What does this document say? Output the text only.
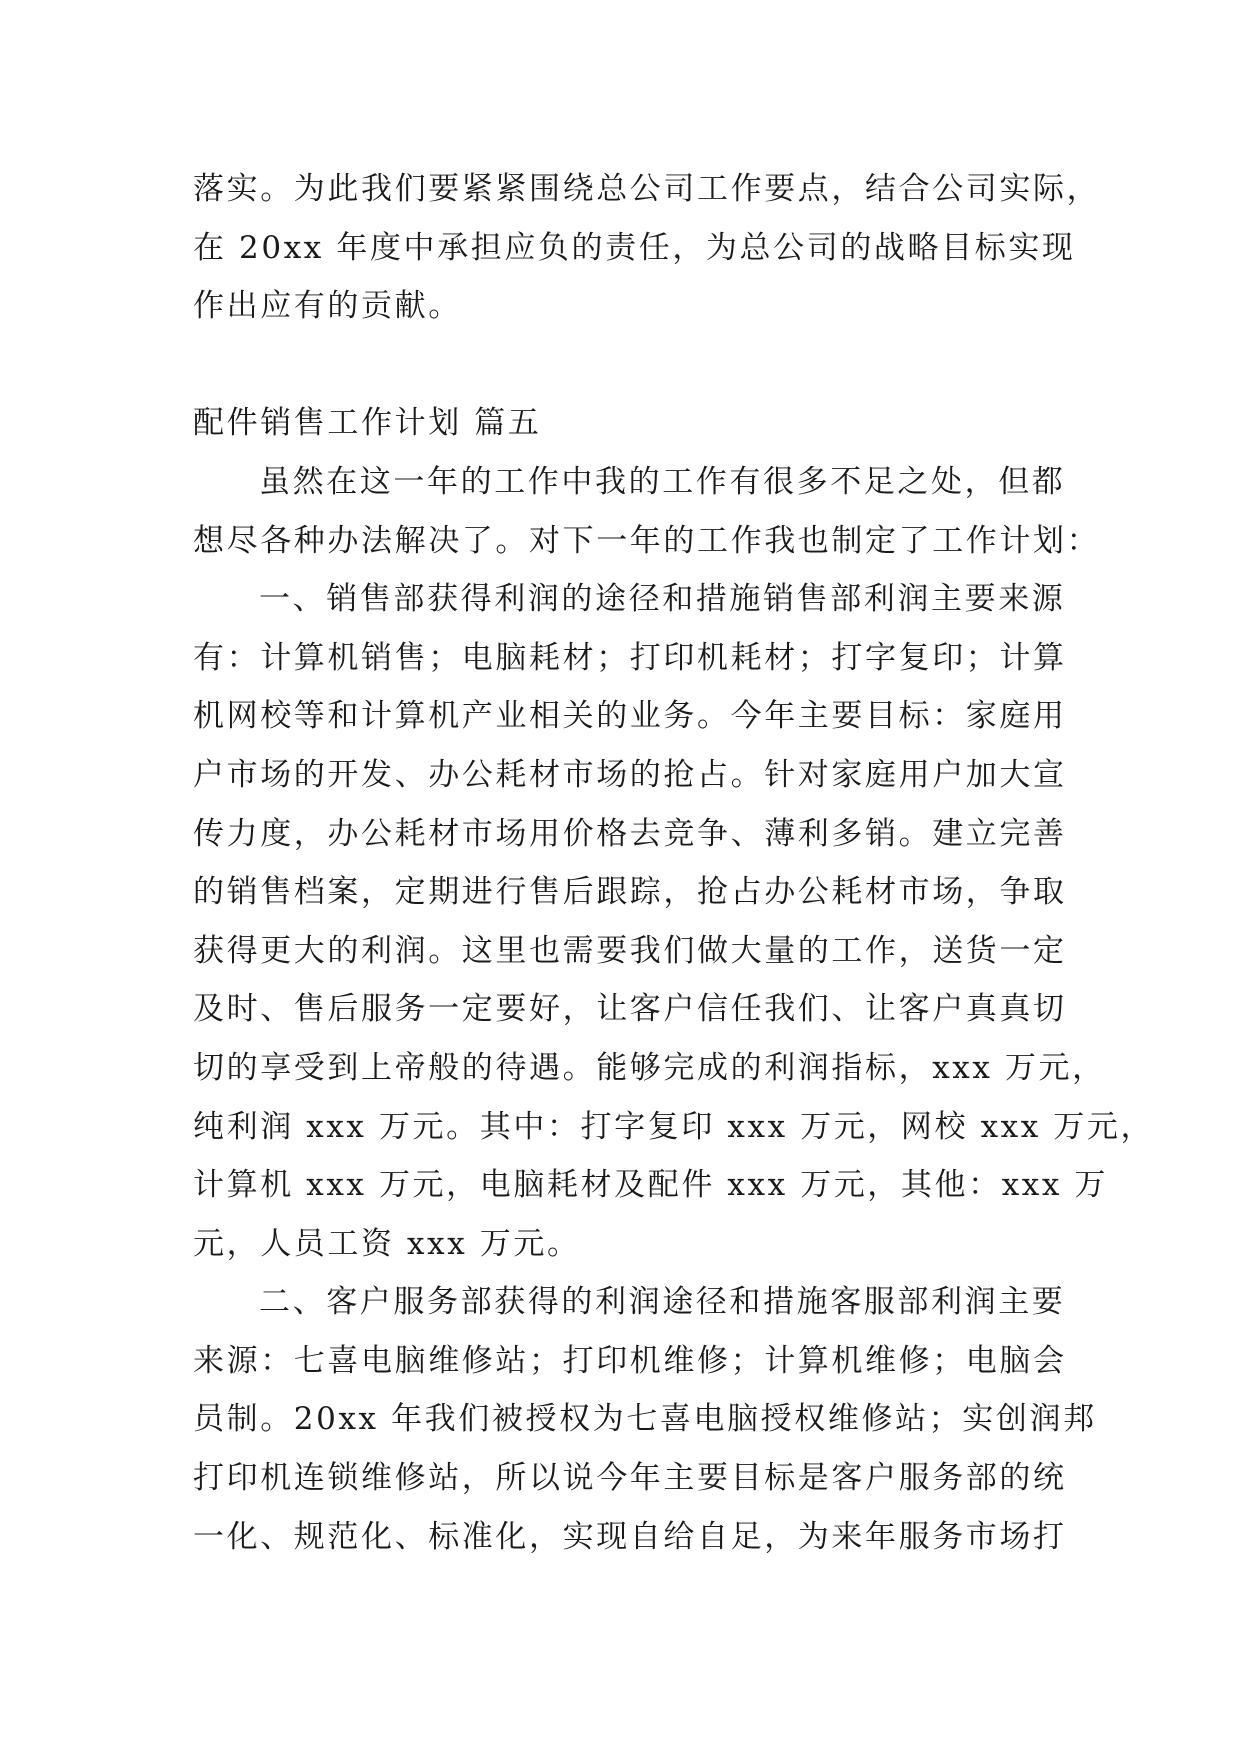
落实。为此我们要紧紧围绕总公司工作要点，结合公司实际，
在 20xx 年度中承担应负的责任，为总公司的战略目标实现
作出应有的贡献。
配件销售工作计划 篇五
虽然在这一年的工作中我的工作有很多不足之处，但都
想尽各种办法解决了。对下一年的工作我也制定了工作计划：
一、销售部获得利润的途径和措施销售部利润主要来源
有：计算机销售；电脑耗材；打印机耗材；打字复印；计算
机网校等和计算机产业相关的业务。今年主要目标：家庭用
户市场的开发、办公耗材市场的抢占。针对家庭用户加大宣
传力度，办公耗材市场用价格去竞争、薄利多销。建立完善
的销售档案，定期进行售后跟踪，抢占办公耗材市场，争取
获得更大的利润。这里也需要我们做大量的工作，送货一定
及时、售后服务一定要好，让客户信任我们、让客户真真切
切的享受到上帝般的待遇。能够完成的利润指标，xxx 万元，
纯利润 xxx 万元。其中：打字复印 xxx 万元，网校 xxx 万元，
计算机 xxx 万元，电脑耗材及配件 xxx 万元，其他：xxx 万
元，人员工资 xxx 万元。
二、客户服务部获得的利润途径和措施客服部利润主要
来源：七喜电脑维修站；打印机维修；计算机维修；电脑会
员制。20xx 年我们被授权为七喜电脑授权维修站；实创润邦
打印机连锁维修站，所以说今年主要目标是客户服务部的统
一化、规范化、标准化，实现自给自足，为来年服务市场打
